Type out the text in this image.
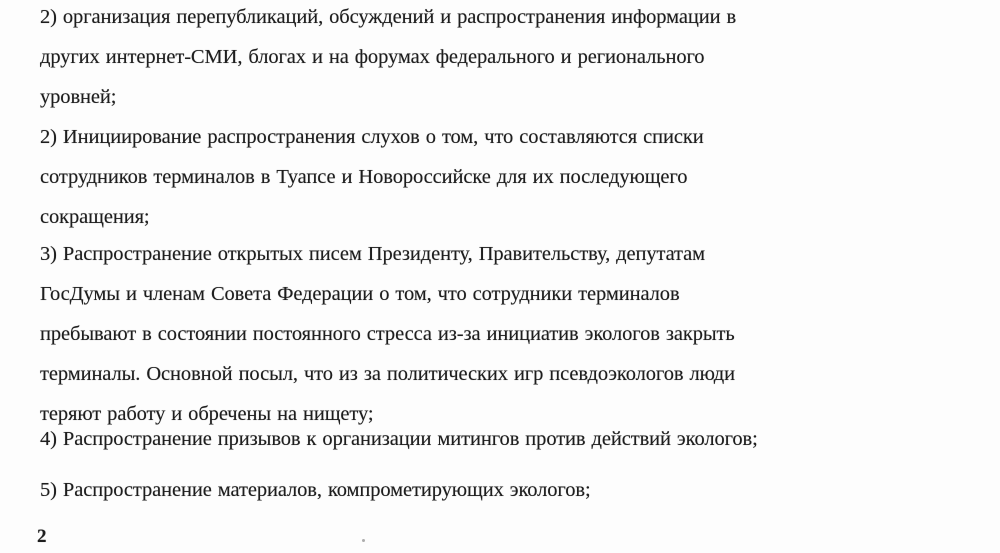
2) организация перепубликаций, обсуждений и распространения информации в
других интернет-СМИ, блогах и на форумах федерального и регионального
уровней;
2) Инициирование распространения слухов о том, что составляются списки
сотрудников терминалов в Туапсе и Новороссийске для их последующего
сокращения;
3) Распространение открытых писем Президенту, Правительству, депутатам
ГосДумы и членам Совета Федерации о том, что сотрудники терминалов
пребывают в состоянии постоянного стресса из-за инициатив экологов закрыть
терминалы. Основной посыл, что из за политических игр псевдоэкологов люди
теряют работу и обречены на нищету;
4) Распространение призывов к организации митингов против действий экологов;
5) Распространение материалов, компрометирующих экологов;
2
